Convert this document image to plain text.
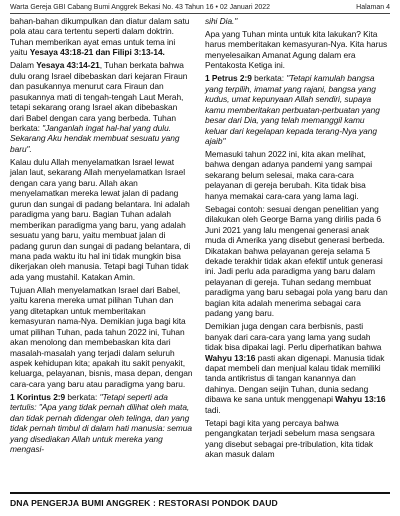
Warta Gereja GBI Cabang Bumi Anggrek Bekasi No. 43 Tahun 16 • 02 Januari 2022	Halaman 4

bahan-bahan dikumpulkan dan diatur dalam satu pola atau cara tertentu seperti dalam doktrin. Tuhan memberikan ayat emas untuk tema ini yaitu Yesaya 43:18-21 dan Filipi 3:13-14.

Dalam Yesaya 43:14-21, Tuhan berkata bahwa dulu orang Israel dibebaskan dari kejaran Firaun dan pasukannya menurut cara Firaun dan pasukannya mati di tengah-tengah Laut Merah, tetapi sekarang orang Israel akan dibebaskan dari Babel dengan cara yang berbeda. Tuhan berkata: "Janganlah ingat hal-hal yang dulu. Sekarang Aku hendak membuat sesuatu yang baru".

Kalau dulu Allah menyelamatkan Israel lewat jalan laut, sekarang Allah menyelamatkan Israel dengan cara yang baru. Allah akan menyelamatkan mereka lewat jalan di padang gurun dan sungai di padang belantara. Ini adalah paradigma yang baru. Bagian Tuhan adalah memberikan paradigma yang baru, yang adalah sesuatu yang baru, yaitu membuat jalan di padang gurun dan sungai di padang belantara, di mana pada waktu itu hal ini tidak mungkin bisa dikerjakan oleh manusia. Tetapi bagi Tuhan tidak ada yang mustahil. Katakan Amin.

Tujuan Allah menyelamatkan Israel dari Babel, yaitu karena mereka umat pilihan Tuhan dan yang ditetapkan untuk memberitakan kemasyuran nama-Nya. Demikian juga bagi kita umat pilihan Tuhan, pada tahun 2022 ini, Tuhan akan menolong dan membebaskan kita dari masalah-masalah yang terjadi dalam seluruh aspek kehidupan kita; apakah itu sakit penyakit, keluarga, pelayanan, bisnis, masa depan, dengan cara-cara yang baru atau paradigma yang baru.

1 Korintus 2:9 berkata: "Tetapi seperti ada tertulis: "Apa yang tidak pernah dilihat oleh mata, dan tidak pernah didengar oleh telinga, dan yang tidak pernah timbul di dalam hati manusia: semua yang disediakan Allah untuk mereka yang mengasi-

sihi Dia."

Apa yang Tuhan minta untuk kita lakukan? Kita harus memberitakan kemasyuran-Nya. Kita harus menyelesaikan Amanat Agung dalam era Pentakosta Ketiga ini.

1 Petrus 2:9 berkata: "Tetapi kamulah bangsa yang terpilih, imamat yang rajani, bangsa yang kudus, umat kepunyaan Allah sendiri, supaya kamu memberitakan perbuatan-perbuatan yang besar dari Dia, yang telah memanggil kamu keluar dari kegelapan kepada terang-Nya yang ajaib"

Memasuki tahun 2022 ini, kita akan melihat, bahwa dengan adanya pandemi yang sampai sekarang belum selesai, maka cara-cara pelayanan di gereja berubah. Kita tidak bisa hanya memakai cara-cara yang lama lagi.

Sebagai contoh: sesuai dengan penelitian yang dilakukan oleh George Barna yang dirilis pada 6 Juni 2021 yang lalu mengenai generasi anak muda di Amerika yang disebut generasi berbeda. Dikatakan bahwa pelayanan gereja selama 5 dekade terakhir tidak akan efektif untuk generasi ini. Jadi perlu ada paradigma yang baru dalam pelayanan di gereja. Tuhan sedang membuat paradigma yang baru sebagai pola yang baru dan bagian kita adalah menerima sebagai cara padang yang baru.

Demikian juga dengan cara berbisnis, pasti banyak dari cara-cara yang lama yang sudah tidak bisa dipakai lagi. Perlu diperhatikan bahwa Wahyu 13:16 pasti akan digenapi. Manusia tidak dapat membeli dan menjual kalau tidak memiliki tanda antikristus di tangan kanannya dan dahinya. Dengan seijin Tuhan, dunia sedang dibawa ke sana untuk menggenapi Wahyu 13:16 tadi.

Tetapi bagi kita yang percaya bahwa pengangkatan terjadi sebelum masa sengsara yang disebut sebagai pre-tribulation, kita tidak akan masuk dalam

DNA PENGERJA BUMI ANGGREK : RESTORASI PONDOK DAUD
